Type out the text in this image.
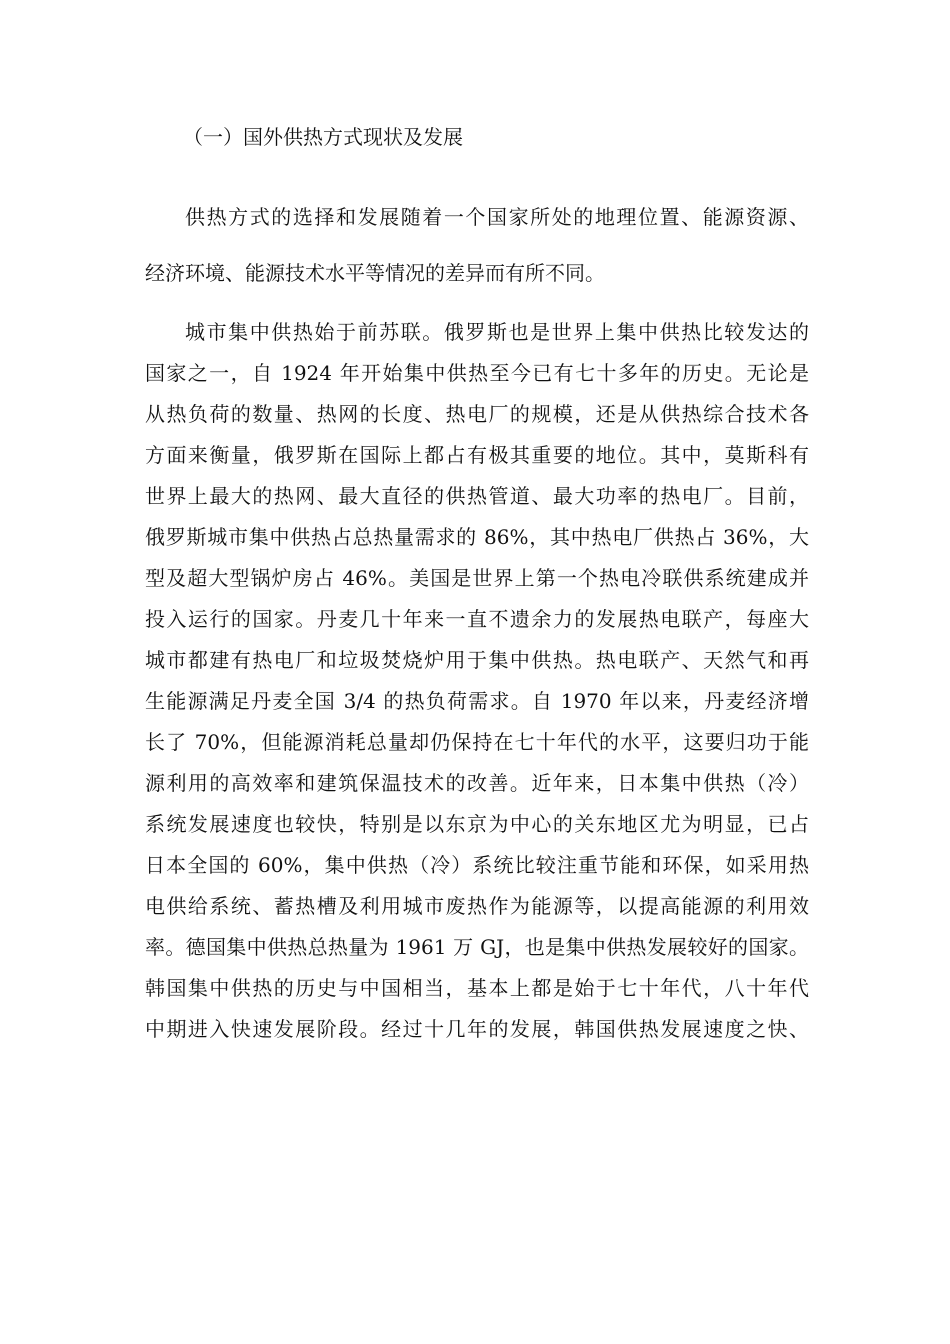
（一）国外供热方式现状及发展
供热方式的选择和发展随着一个国家所处的地理位置、能源资源、
经济环境、能源技术水平等情况的差异而有所不同。
城市集中供热始于前苏联。俄罗斯也是世界上集中供热比较发达的
国家之一，自 1924 年开始集中供热至今已有七十多年的历史。无论是
从热负荷的数量、热网的长度、热电厂的规模，还是从供热综合技术各
方面来衡量，俄罗斯在国际上都占有极其重要的地位。其中，莫斯科有
世界上最大的热网、最大直径的供热管道、最大功率的热电厂。目前，
俄罗斯城市集中供热占总热量需求的 86%，其中热电厂供热占 36%，大
型及超大型锅炉房占 46%。美国是世界上第一个热电冷联供系统建成并
投入运行的国家。丹麦几十年来一直不遗余力的发展热电联产，每座大
城市都建有热电厂和垃圾焚烧炉用于集中供热。热电联产、天然气和再
生能源满足丹麦全国 3/4 的热负荷需求。自 1970 年以来，丹麦经济增
长了 70%，但能源消耗总量却仍保持在七十年代的水平，这要归功于能
源利用的高效率和建筑保温技术的改善。近年来，日本集中供热（冷）
系统发展速度也较快，特别是以东京为中心的关东地区尤为明显，已占
日本全国的 60%，集中供热（冷）系统比较注重节能和环保，如采用热
电供给系统、蓄热槽及利用城市废热作为能源等，以提高能源的利用效
率。德国集中供热总热量为 1961 万 GJ，也是集中供热发展较好的国家。
韩国集中供热的历史与中国相当，基本上都是始于七十年代，八十年代
中期进入快速发展阶段。经过十几年的发展，韩国供热发展速度之快、
